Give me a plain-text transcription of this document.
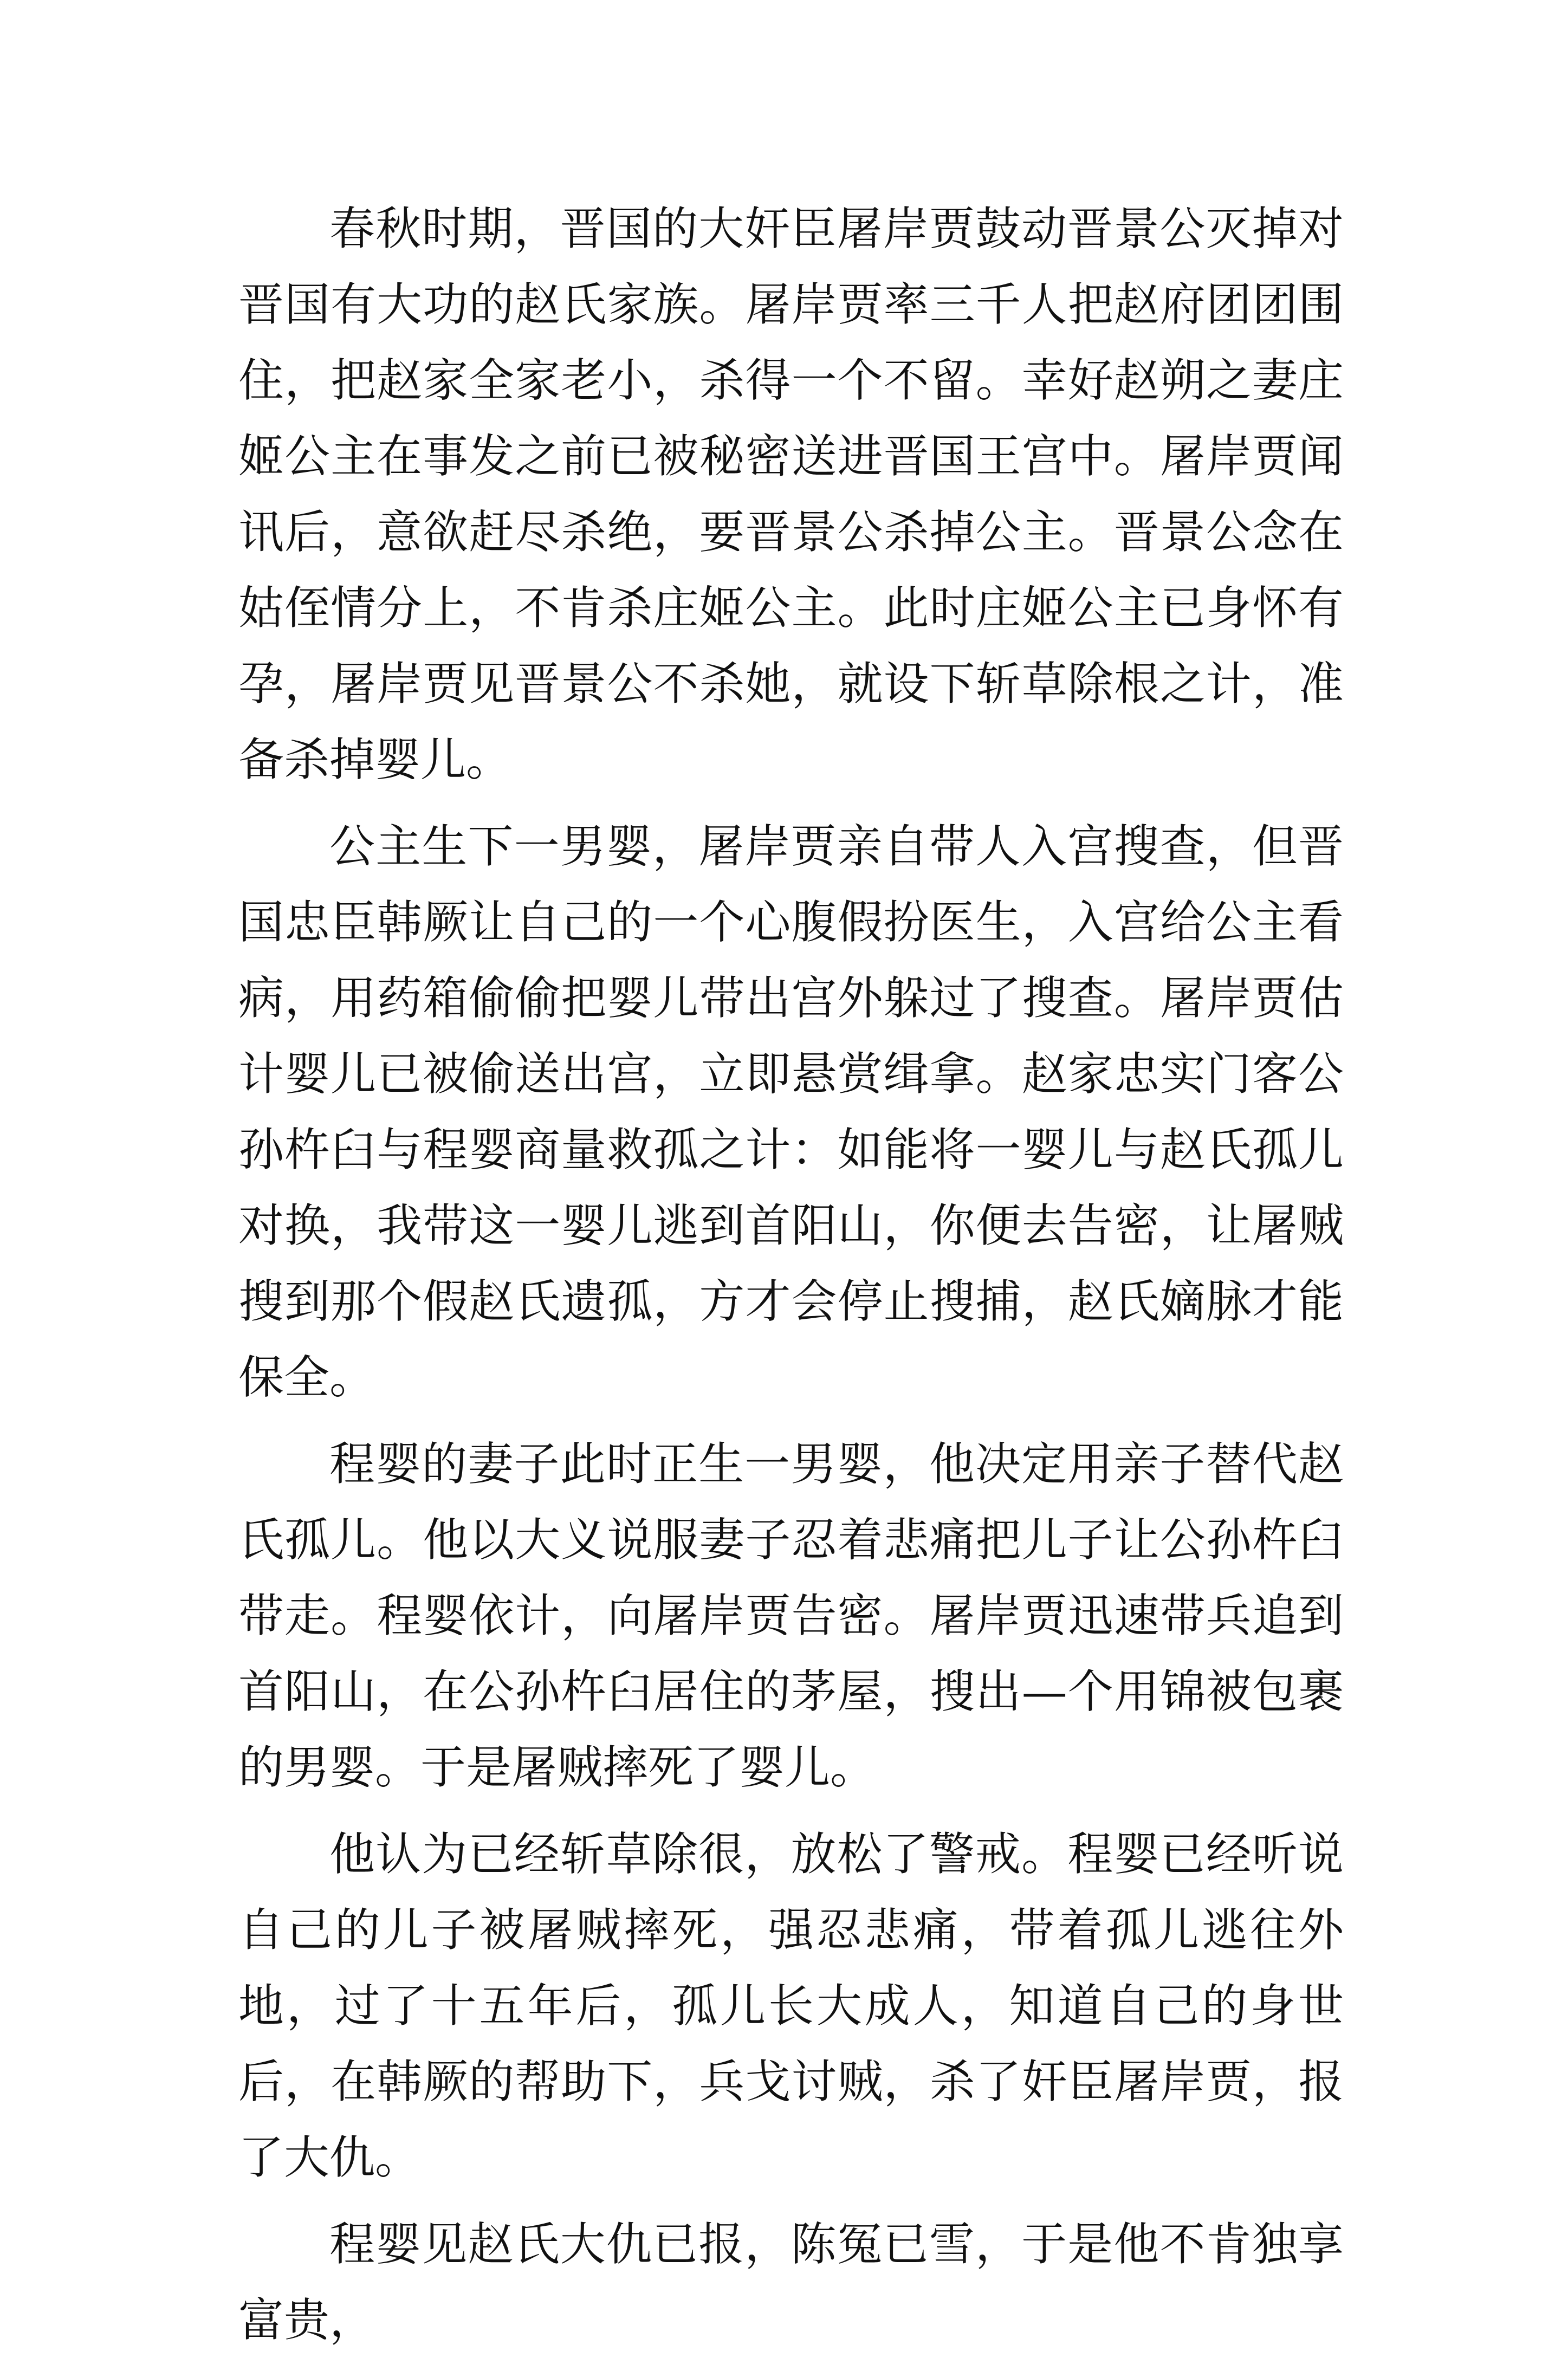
春秋时期，晋国的大奸臣屠岸贾鼓动晋景公灭掉对晋国有大功的赵氏家族。屠岸贾率三千人把赵府团团围住，把赵家全家老小，杀得一个不留。幸好赵朔之妻庄姬公主在事发之前已被秘密送进晋国王宫中。屠岸贾闻讯后，意欲赶尽杀绝，要晋景公杀掉公主。晋景公念在姑侄情分上，不肯杀庄姬公主。此时庄姬公主已身怀有孕，屠岸贾见晋景公不杀她，就设下斩草除根之计，准备杀掉婴儿。

公主生下一男婴，屠岸贾亲自带人入宫搜查，但晋国忠臣韩厥让自己的一个心腹假扮医生，入宫给公主看病，用药箱偷偷把婴儿带出宫外躲过了搜查。屠岸贾估计婴儿已被偷送出宫，立即悬赏缉拿。赵家忠实门客公孙杵臼与程婴商量救孤之计：如能将一婴儿与赵氏孤儿对换，我带这一婴儿逃到首阳山，你便去告密，让屠贼搜到那个假赵氏遗孤，方才会停止搜捕，赵氏嫡脉才能保全。

程婴的妻子此时正生一男婴，他决定用亲子替代赵氏孤儿。他以大义说服妻子忍着悲痛把儿子让公孙杵臼带走。程婴依计，向屠岸贾告密。屠岸贾迅速带兵追到首阳山，在公孙杵臼居住的茅屋，搜出—个用锦被包裹的男婴。于是屠贼摔死了婴儿。

他认为已经斩草除很，放松了警戒。程婴已经听说自己的儿子被屠贼摔死，强忍悲痛，带着孤儿逃往外地，过了十五年后，孤儿长大成人，知道自己的身世后，在韩厥的帮助下，兵戈讨贼，杀了奸臣屠岸贾，报了大仇。

程婴见赵氏大仇已报，陈冤已雪，于是他不肯独享富贵，
